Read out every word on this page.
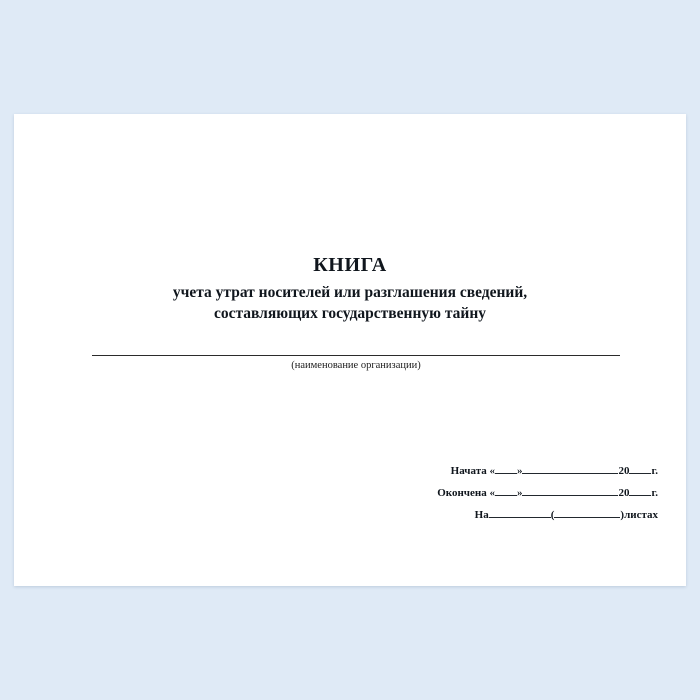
КНИГА
учета утрат носителей или разглашения сведений,
составляющих государственную тайну
(наименование организации)
Начата « »	20 г.
Окончена « »	20 г.
На	(	)листах
